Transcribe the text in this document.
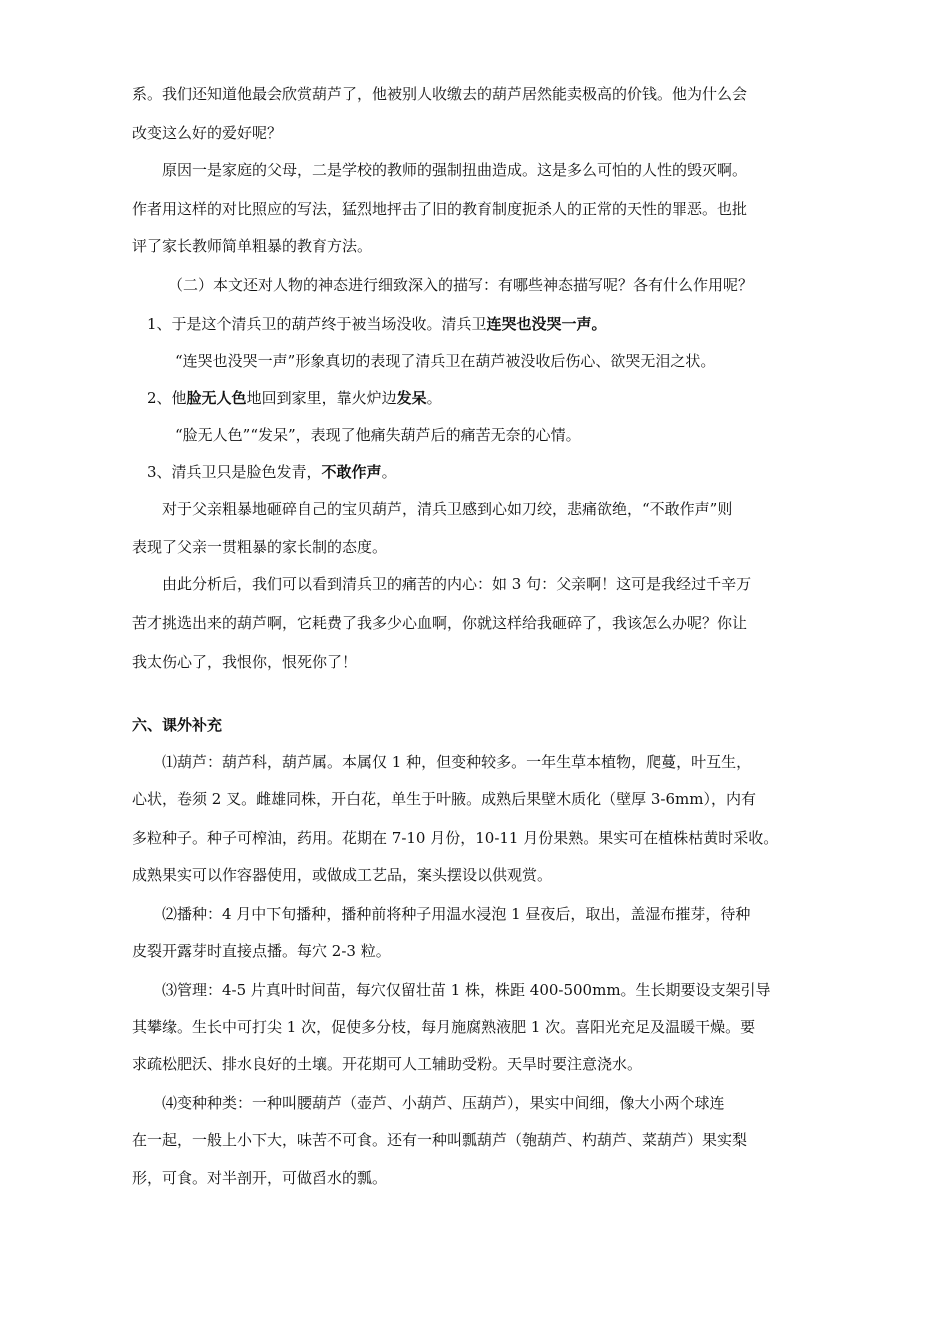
系。我们还知道他最会欣赏葫芦了，他被别人收缴去的葫芦居然能卖极高的价钱。他为什么会
改变这么好的爱好呢？
原因一是家庭的父母，二是学校的教师的强制扭曲造成。这是多么可怕的人性的毁灭啊。
作者用这样的对比照应的写法，猛烈地抨击了旧的教育制度扼杀人的正常的天性的罪恶。也批
评了家长教师简单粗暴的教育方法。
（二）本文还对人物的神态进行细致深入的描写：有哪些神态描写呢？各有什么作用呢？
1、于是这个清兵卫的葫芦终于被当场没收。清兵卫连哭也没哭一声。
“连哭也没哭一声”形象真切的表现了清兵卫在葫芦被没收后伤心、欲哭无泪之状。
2、他脸无人色地回到家里，靠火炉边发呆。
“脸无人色”“发呆”，表现了他痛失葫芦后的痛苦无奈的心情。
3、清兵卫只是脸色发青，不敢作声。
对于父亲粗暴地砸碎自己的宝贝葫芦，清兵卫感到心如刀绞，悲痛欲绝，“不敢作声”则
表现了父亲一贯粗暴的家长制的态度。
由此分析后，我们可以看到清兵卫的痛苦的内心：如 3 句：父亲啊！这可是我经过千辛万
苦才挑选出来的葫芦啊，它耗费了我多少心血啊，你就这样给我砸碎了，我该怎么办呢？你让
我太伤心了，我恨你，恨死你了！
六、课外补充
⑴葫芦：葫芦科，葫芦属。本属仅 1 种，但变种较多。一年生草本植物，爬蔓，叶互生，
心状，卷须 2 叉。雌雄同株，开白花，单生于叶腋。成熟后果壁木质化（壁厚 3-6mm），内有
多粒种子。种子可榨油，药用。花期在 7-10 月份，10-11 月份果熟。果实可在植株枯黄时采收。
成熟果实可以作容器使用，或做成工艺品，案头摆设以供观赏。
⑵播种：4 月中下旬播种，播种前将种子用温水浸泡 1 昼夜后，取出，盖湿布摧芽，待种
皮裂开露芽时直接点播。每穴 2-3 粒。
⑶管理：4-5 片真叶时间苗，每穴仅留壮苗 1 株，株距 400-500mm。生长期要设支架引导
其攀缘。生长中可打尖 1 次，促使多分枝，每月施腐熟液肥 1 次。喜阳光充足及温暖干燥。要
求疏松肥沃、排水良好的土壤。开花期可人工辅助受粉。天旱时要注意浇水。
⑷变种种类：一种叫腰葫芦（壶芦、小葫芦、压葫芦），果实中间细，像大小两个球连
在一起，一般上小下大，味苦不可食。还有一种叫瓢葫芦（匏葫芦、杓葫芦、菜葫芦）果实梨
形，可食。对半剖开，可做舀水的瓢。
